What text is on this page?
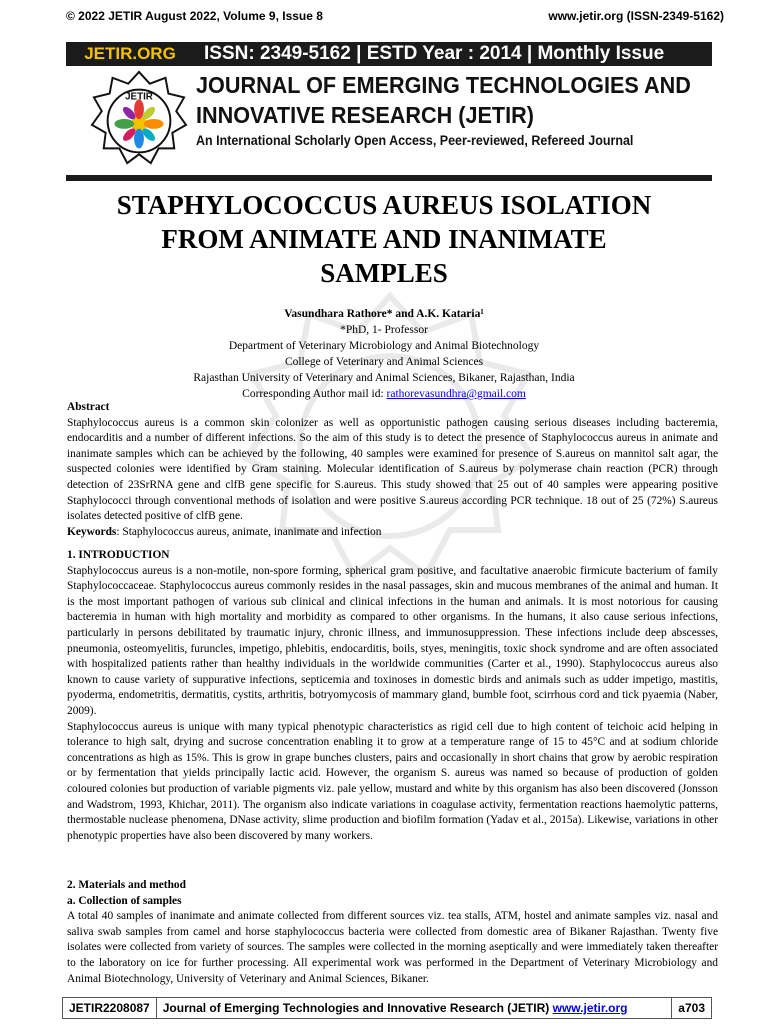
© 2022 JETIR August 2022, Volume 9, Issue 8	www.jetir.org (ISSN-2349-5162)
JETIR.ORG	ISSN: 2349-5162 | ESTD Year : 2014 | Monthly Issue
JETIR JOURNAL OF EMERGING TECHNOLOGIES AND
INNOVATIVE RESEARCH (JETIR)
An International Scholarly Open Access, Peer-reviewed, Refereed Journal
STAPHYLOCOCCUS AUREUS ISOLATION
FROM ANIMATE AND INANIMATE
SAMPLES
Vasundhara Rathore* and A.K. Kataria¹
*PhD, 1- Professor
Department of Veterinary Microbiology and Animal Biotechnology
College of Veterinary and Animal Sciences
Rajasthan University of Veterinary and Animal Sciences, Bikaner, Rajasthan, India
Corresponding Author mail id: rathorevasundhra@gmail.com

Abstract

Staphylococcus aureus is a common skin colonizer as well as opportunistic pathogen causing serious diseases including bacteremia, endocarditis and a number of different infections. So the aim of this study is to detect the presence of Staphylococcus aureus in animate and inanimate samples which can be achieved by the following, 40 samples were examined for presence of S.aureus on mannitol salt agar, the suspected colonies were identified by Gram staining. Molecular identification of S.aureus by polymerase chain reaction (PCR) through detection of 23SrRNA gene and clfB gene specific for S.aureus. This study showed that 25 out of 40 samples were appearing positive Staphylococci through conventional methods of isolation and were positive S.aureus according PCR technique. 18 out of 25 (72%) S.aureus isolates detected positive of clfB gene.

Keywords: Staphylococcus aureus, animate, inanimate and infection

1. INTRODUCTION

Staphylococcus aureus is a non-motile, non-spore forming, spherical gram positive, and facultative anaerobic firmicute bacterium of family Staphylococcaceae. Staphylococcus aureus commonly resides in the nasal passages, skin and mucous membranes of the animal and human. It is the most important pathogen of various sub clinical and clinical infections in the human and animals. It is most notorious for causing bacteremia in human with high mortality and morbidity as compared to other organisms. In the humans, it also cause serious infections, particularly in persons debilitated by traumatic injury, chronic illness, and immunosuppression. These infections include deep abscesses, pneumonia, osteomyelitis, furuncles, impetigo, phlebitis, endocarditis, boils, styes, meningitis, toxic shock syndrome and are often associated with hospitalized patients rather than healthy individuals in the worldwide communities (Carter et al., 1990). Staphylococcus aureus also known to cause variety of suppurative infections, septicemia and toxinoses in domestic birds and animals such as udder impetigo, mastitis, pyoderma, endometritis, dermatitis, cystits, arthritis, botryomycosis of mammary gland, bumble foot, scirrhous cord and tick pyaemia (Naber, 2009).

Staphylococcus aureus is unique with many typical phenotypic characteristics as rigid cell due to high content of teichoic acid helping in tolerance to high salt, drying and sucrose concentration enabling it to grow at a temperature range of 15 to 45°C and at sodium chloride concentrations as high as 15%. This is grow in grape bunches clusters, pairs and occasionally in short chains that grow by aerobic respiration or by fermentation that yields principally lactic acid. However, the organism S. aureus was named so because of production of golden coloured colonies but production of variable pigments viz. pale yellow, mustard and white by this organism has also been discovered (Jonsson and Wadstrom, 1993, Khichar, 2011). The organism also indicate variations in coagulase activity, fermentation reactions haemolytic patterns, thermostable nuclease phenomena, DNase activity, slime production and biofilm formation (Yadav et al., 2015a). Likewise, variations in other phenotypic properties have also been discovered by many workers.

2. Materials and method

a. Collection of samples

A total 40 samples of inanimate and animate collected from different sources viz. tea stalls, ATM, hostel and animate samples viz. nasal and saliva swab samples from camel and horse staphylococcus bacteria were collected from domestic area of Bikaner Rajasthan. Twenty five isolates were collected from variety of sources. The samples were collected in the morning aseptically and were immediately taken thereafter to the laboratory on ice for further processing. All experimental work was performed in the Department of Veterinary Microbiology and Animal Biotechnology, University of Veterinary and Animal Sciences, Bikaner.

JETIR2208087	Journal of Emerging Technologies and Innovative Research (JETIR)
www.jetir.org	a703
